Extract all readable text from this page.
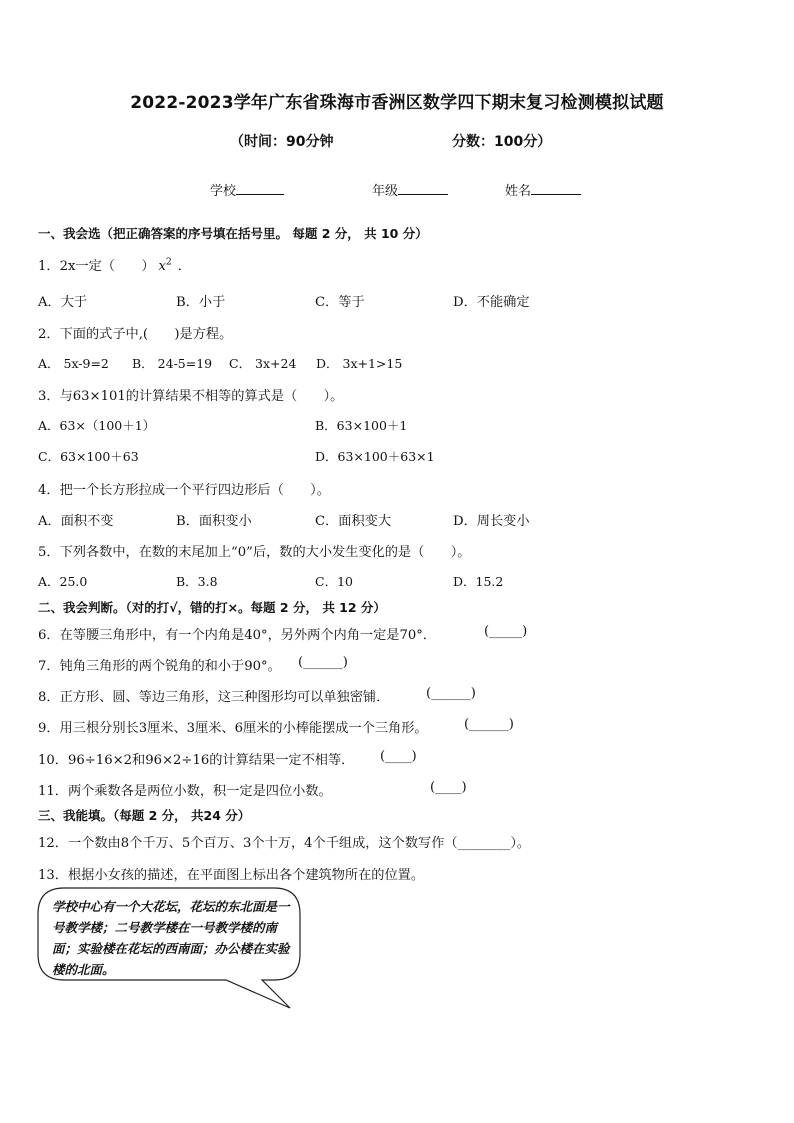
2022-2023学年广东省珠海市香洲区数学四下期末复习检测模拟试题
（时间：90分钟	分数：100分）
学校	年级	姓名
一、我会选（把正确答案的序号填在括号里。 每题 2 分， 共 10 分）
1．2x一定（　　） $x^2$ ．
A．大于	B．小于	C．等于	D．不能确定
2．下面的式子中,(　　)是方程。
A． 5x-9=2 B． 24-5=19 C． 3x+24 D． 3x+1>15
3．与63×101的计算结果不相等的算式是（　　）。
A．63×（100＋1）	B．63×100＋1
C．63×100＋63	D．63×100＋63×1
4．把一个长方形拉成一个平行四边形后（　　）。
A．面积不变	B．面积变小	C．面积变大	D．周长变小
5．下列各数中，在数的末尾加上“0”后，数的大小发生变化的是（　　）。
A．25.0	B．3.8	C．10	D．15.2
二、我会判断。（对的打√，错的打×。每题 2 分， 共 12 分）
6．在等腰三角形中，有一个内角是40°，另外两个内角一定是70°．	(_____)
7．钝角三角形的两个锐角的和小于90°。 (______)
8．正方形、圆、等边三角形，这三种图形均可以单独密铺．	(______)
9．用三根分别长3厘米、3厘米、6厘米的小棒能摆成一个三角形。	(______)
10．96÷16×2和96×2÷16的计算结果一定不相等． (____)
11．两个乘数各是两位小数，积一定是四位小数。	(____)
三、我能填。（每题 2 分， 共24 分）
12．一个数由8个千万、5个百万、3个十万，4个千组成，这个数写作（________）。
13．根据小女孩的描述，在平面图上标出各个建筑物所在的位置。
学校中心有一个大花坛，花坛的东北面是一号教学楼；二号教学楼在一号教学楼的南面；实验楼在花坛的西南面；办公楼在实验楼的北面。
